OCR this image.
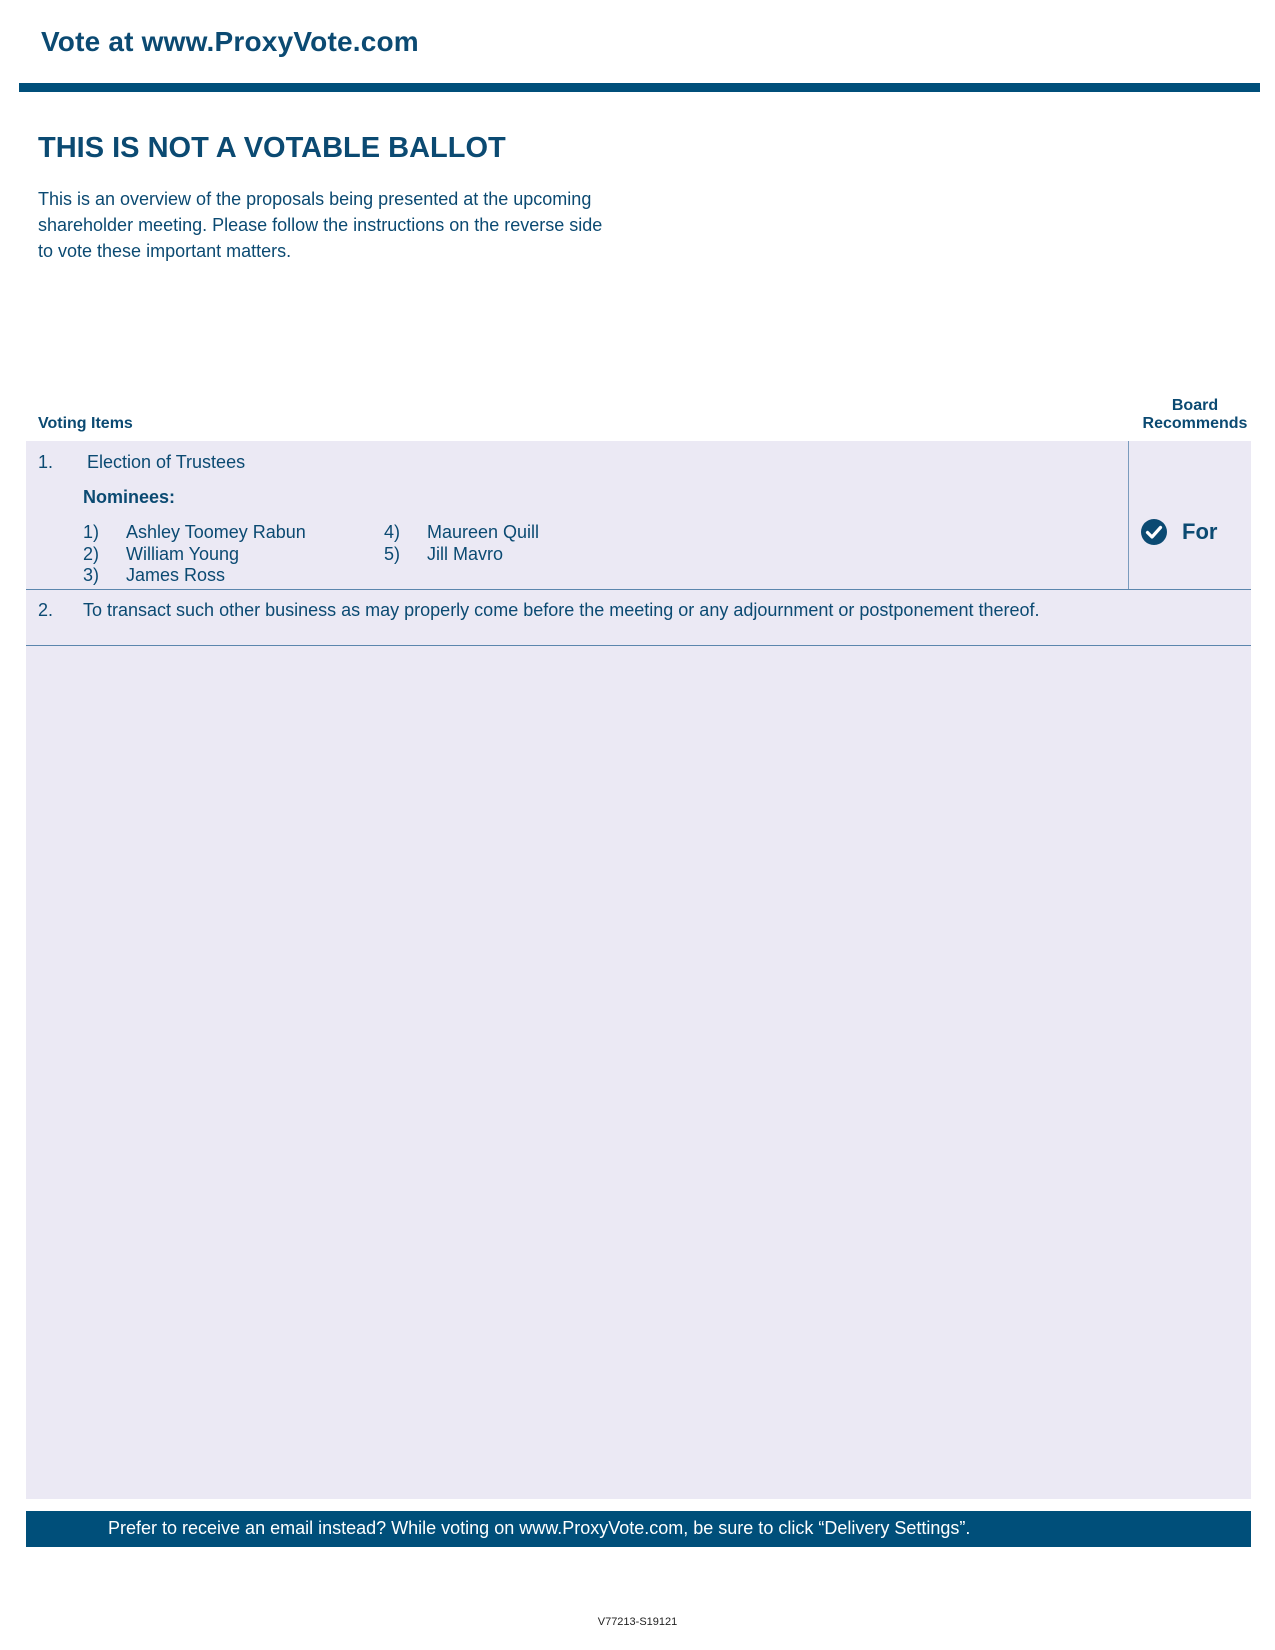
Vote at www.ProxyVote.com
THIS IS NOT A VOTABLE BALLOT
This is an overview of the proposals being presented at the upcoming shareholder meeting. Please follow the instructions on the reverse side to vote these important matters.
Voting Items
Board
Recommends
1. Election of Trustees
Nominees:
1) Ashley Toomey Rabun
2) William Young
3) James Ross
4) Maureen Quill
5) Jill Mavro
For
2. To transact such other business as may properly come before the meeting or any adjournment or postponement thereof.
Prefer to receive an email instead? While voting on www.ProxyVote.com, be sure to click “Delivery Settings”.
V77213-S19121
